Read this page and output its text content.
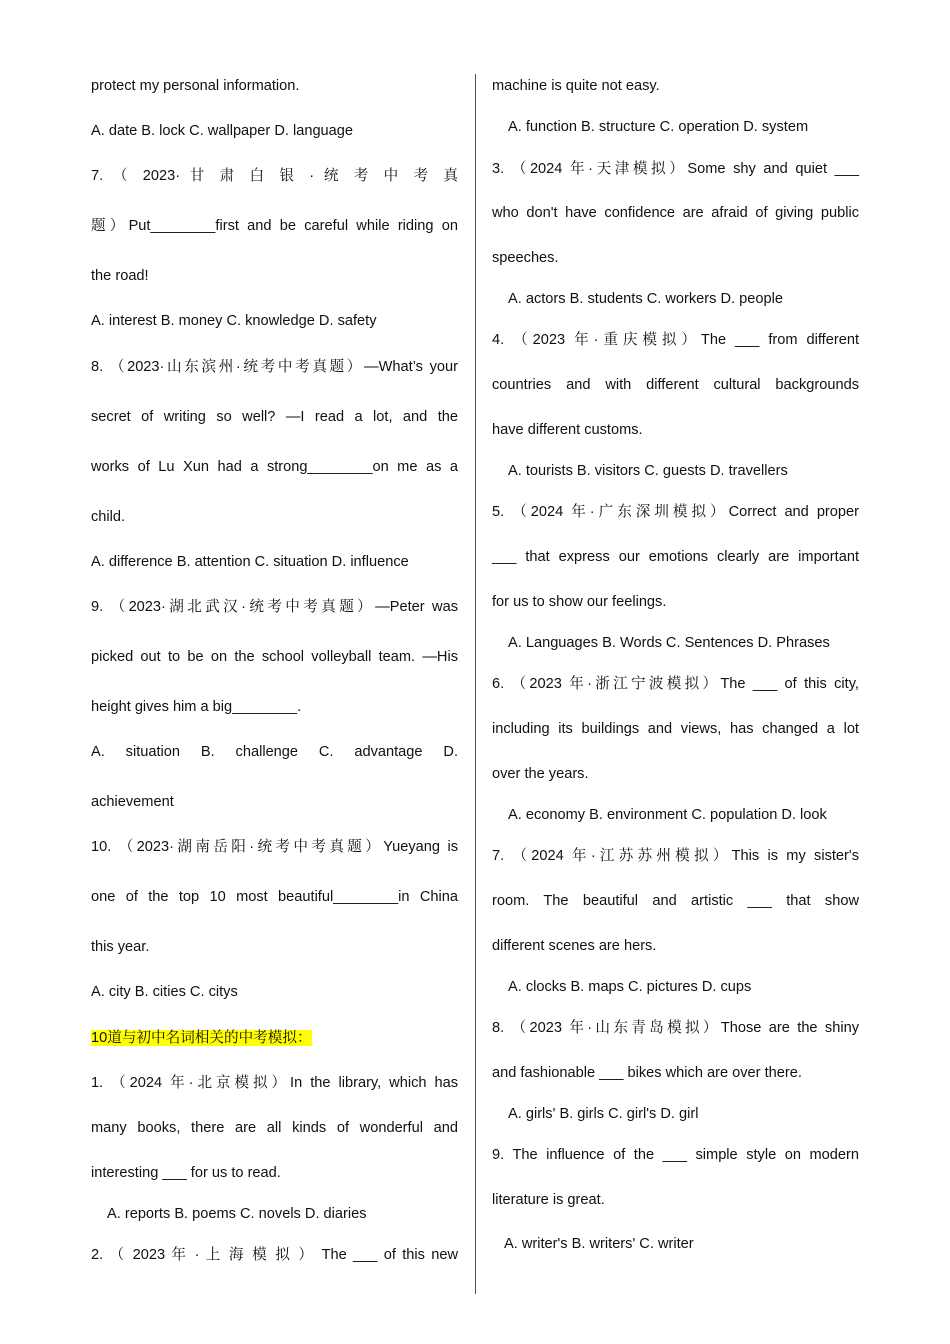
protect my personal information.
A. date B. lock C. wallpaper D. language
7. （ 2023· 甘 肃 白 银 · 统 考 中 考 真
题）Put________first and be careful while riding on
the road!
A. interest B. money C. knowledge D. safety
8. （2023·山东滨州·统考中考真题）—What’s your
secret of writing so well? —I read a lot, and the
works of Lu Xun had a strong________on me as a
child.
A. difference B. attention C. situation D. influence
9. （2023·湖北武汉·统考中考真题）—Peter was
picked out to be on the school volleyball team. —His
height gives him a big________.
A. situation B. challenge C. advantage D.
achievement
10. （2023·湖南岳阳·统考中考真题）Yueyang is
one of the top 10 most beautiful________in China
this year.
A. city B. cities C. citys
10道与初中名词相关的中考模拟：
1. （2024 年·北京模拟）In the library, which has
many books, there are all kinds of wonderful and
interesting ___ for us to read.
A. reports B. poems C. novels D. diaries
2. （ 2023 年 · 上 海 模 拟 ） The ___ of this new
machine is quite not easy.
A. function B. structure C. operation D. system
3. （2024 年·天津模拟）Some shy and quiet ___
who don't have confidence are afraid of giving public
speeches.
A. actors B. students C. workers D. people
4. （2023 年·重庆模拟）The ___ from different
countries and with different cultural backgrounds
have different customs.
A. tourists B. visitors C. guests D. travellers
5. （2024 年·广东深圳模拟）Correct and proper
___ that express our emotions clearly are important
for us to show our feelings.
A. Languages B. Words C. Sentences D. Phrases
6. （2023 年·浙江宁波模拟）The ___ of this city,
including its buildings and views, has changed a lot
over the years.
A. economy B. environment C. population D. look
7. （2024 年·江苏苏州模拟）This is my sister's
room. The beautiful and artistic ___ that show
different scenes are hers.
A. clocks B. maps C. pictures D. cups
8. （2023 年·山东青岛模拟）Those are the shiny
and fashionable ___ bikes which are over there.
A. girls' B. girls C. girl's D. girl
9. The influence of the ___ simple style on modern
literature is great.
A. writer's B. writers' C. writer
